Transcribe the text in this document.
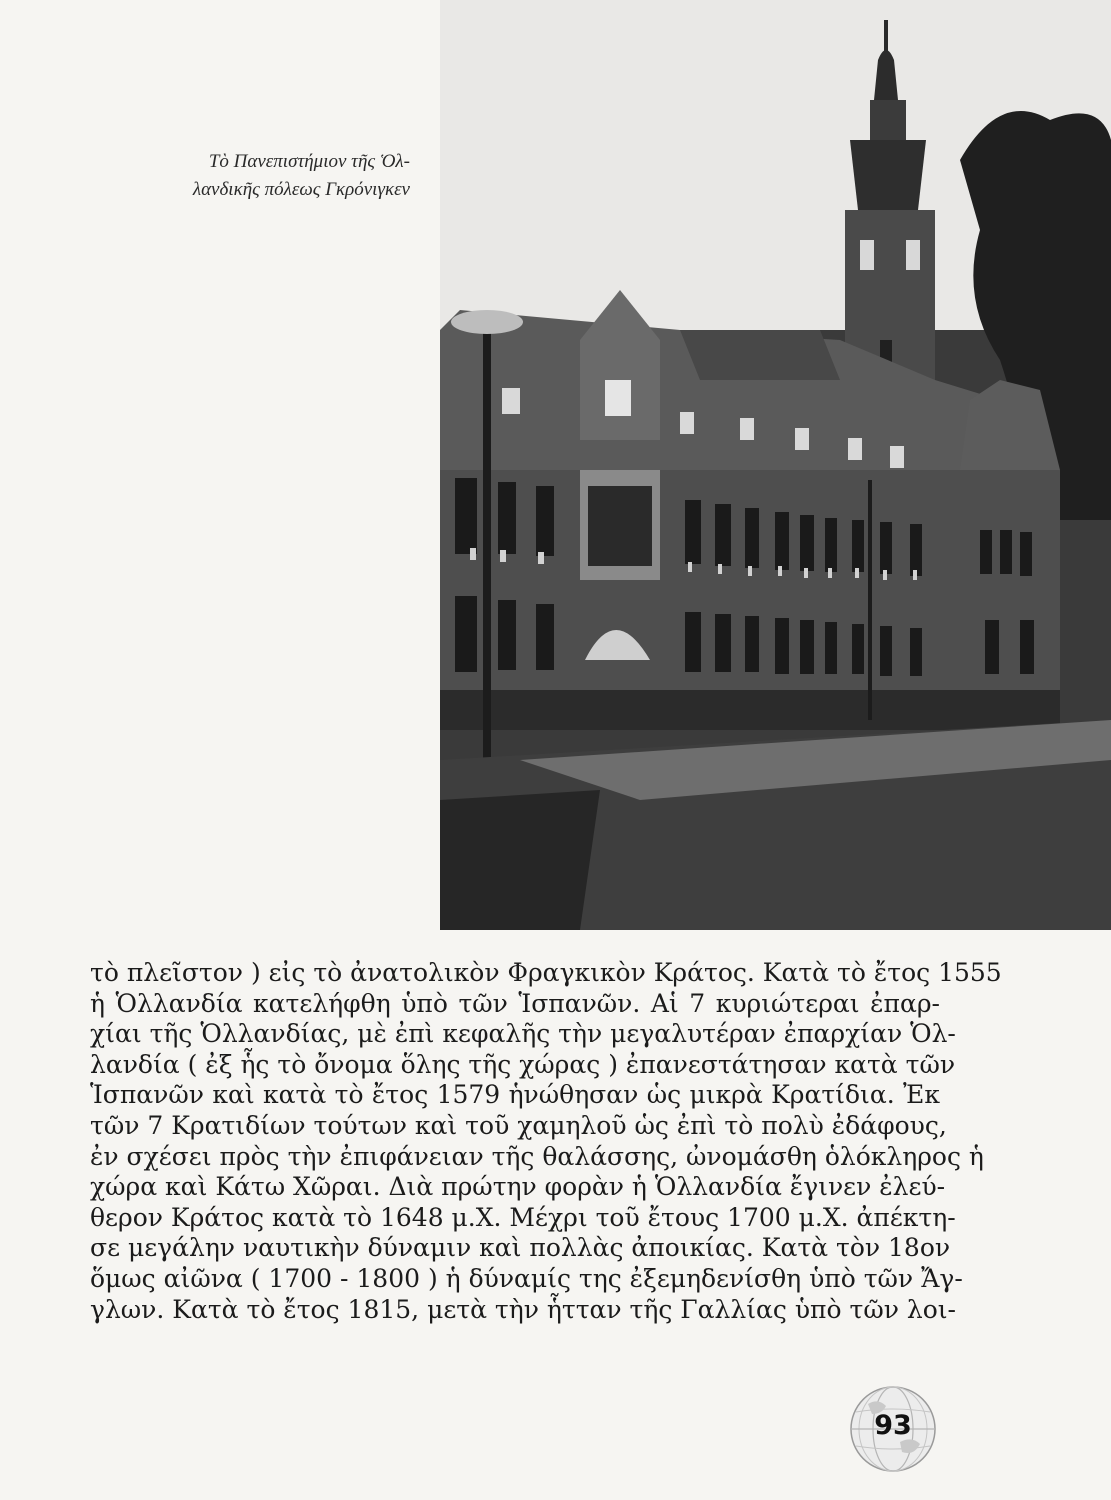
Τὸ Πανεπιστήμιον τῆς Ὁλ-
λανδικῆς πόλεως Γκρόνιγκεν
τὸ πλεῖστον ) εἰς τὸ ἀνατολικὸν Φραγκικὸν Κράτος. Κατὰ τὸ ἔτος 1555
ἡ Ὁλλανδία κατελήφθη ὑπὸ τῶν Ἱσπανῶν. Αἱ 7 κυριώτεραι ἐπαρ-
χίαι τῆς Ὁλλανδίας, μὲ ἐπὶ κεφαλῆς τὴν μεγαλυτέραν ἐπαρχίαν Ὁλ-
λανδία ( ἐξ ἧς τὸ ὄνομα ὅλης τῆς χώρας ) ἐπανεστάτησαν κατὰ τῶν
Ἱσπανῶν καὶ κατὰ τὸ ἔτος 1579 ἡνώθησαν ὡς μικρὰ Κρατίδια. Ἐκ
τῶν 7 Κρατιδίων τούτων καὶ τοῦ χαμηλοῦ ὡς ἐπὶ τὸ πολὺ ἐδάφους,
ἐν σχέσει πρὸς τὴν ἐπιφάνειαν τῆς θαλάσσης, ὠνομάσθη ὁλόκληρος ἡ
χώρα καὶ Κάτω Χῶραι. Διὰ πρώτην φορὰν ἡ Ὁλλανδία ἔγινεν ἐλεύ-
θερον Κράτος κατὰ τὸ 1648 μ.Χ. Μέχρι τοῦ ἔτους 1700 μ.Χ. ἀπέκτη-
σε μεγάλην ναυτικὴν δύναμιν καὶ πολλὰς ἀποικίας. Κατὰ τὸν 18ον
ὅμως αἰῶνα ( 1700 - 1800 ) ἡ δύναμίς της ἐξεμηδενίσθη ὑπὸ τῶν Ἄγ-
γλων. Κατὰ τὸ ἔτος 1815, μετὰ τὴν ἧτταν τῆς Γαλλίας ὑπὸ τῶν λοι-
93
